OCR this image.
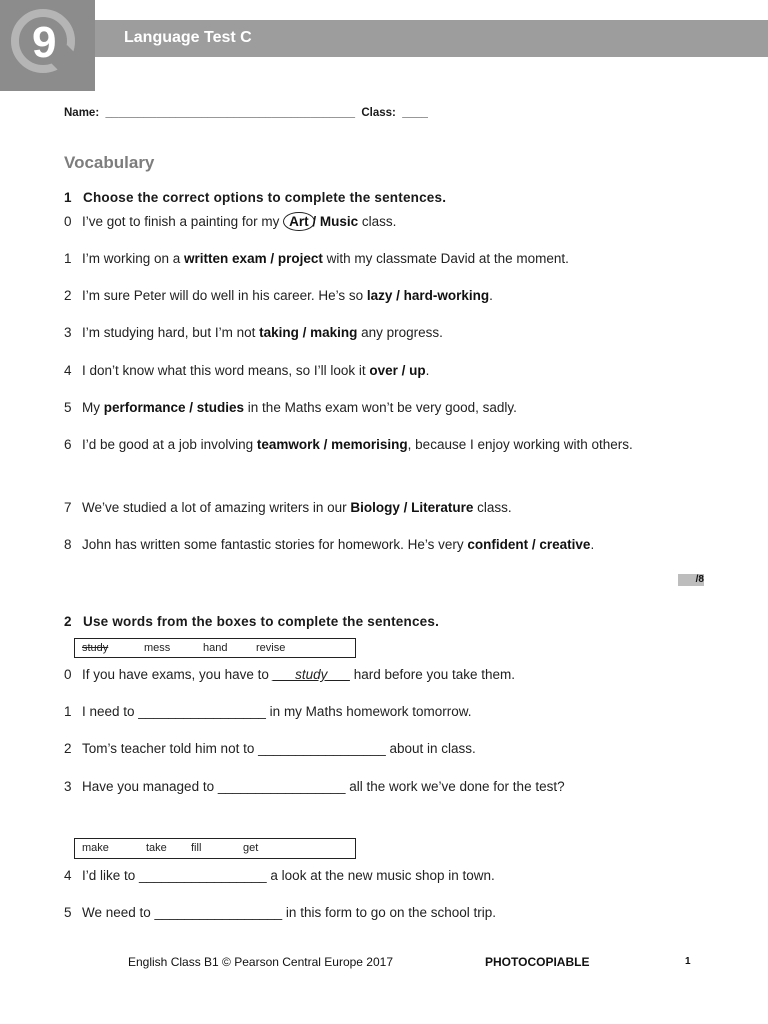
9	Language Test C
Name:  _______________________________________  Class:  ____
Vocabulary
1 Choose the correct options to complete the sentences.
0 I’ve got to finish a painting for my Art / Music class.
1 I’m working on a written exam / project with my classmate David at the moment.
2 I’m sure Peter will do well in his career. He’s so lazy / hard-working.
3 I’m studying hard, but I’m not taking / making any progress.
4 I don’t know what this word means, so I’ll look it over / up.
5 My performance / studies in the Maths exam won’t be very good, sadly.
6 I’d be good at a job involving teamwork / memorising, because I enjoy working with others.
7 We’ve studied a lot of amazing writers in our Biology / Literature class.
8 John has written some fantastic stories for homework. He’s very confident / creative.
/8
2 Use words from the boxes to complete the sentences.
study	mess	hand	revise
0 If you have exams, you have to ___study___ hard before you take them.
1 I need to _________________ in my Maths homework tomorrow.
2 Tom’s teacher told him not to _________________ about in class.
3 Have you managed to _________________ all the work we’ve done for the test?
make	take fill	get
4 I’d like to _________________ a look at the new music shop in town.
5 We need to _________________ in this form to go on the school trip.
English Class B1 © Pearson Central Europe 2017	PHOTOCOPIABLE	1
